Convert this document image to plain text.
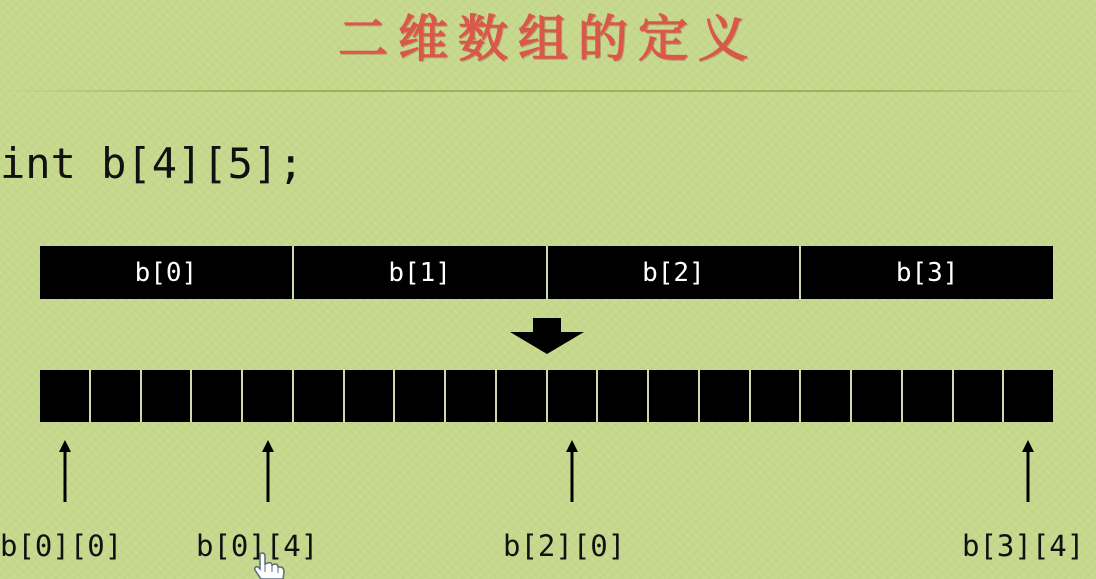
二维数组的定义
int b[4][5];
b[0]	b[1]	b[2]	b[3]
b[0][0]	b[0][4]	b[2][0]	b[3][4]
